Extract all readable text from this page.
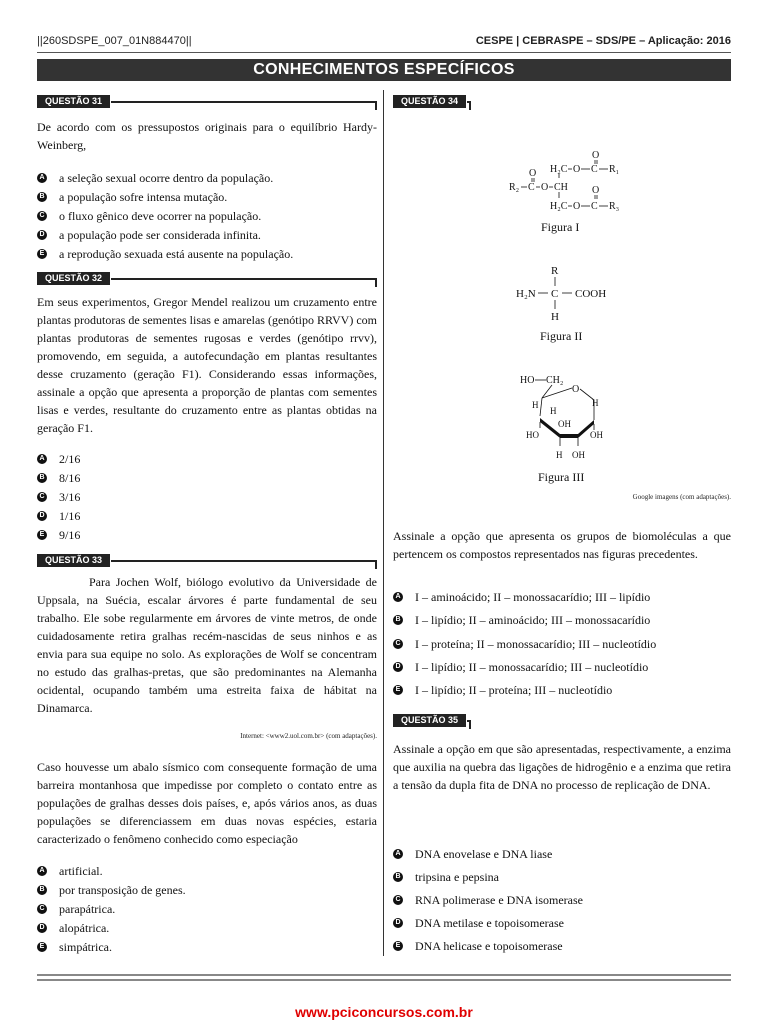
||260SDSPE_007_01N884470||	CESPE | CEBRASPE – SDS/PE – Aplicação: 2016
CONHECIMENTOS ESPECÍFICOS
QUESTÃO 31
De acordo com os pressupostos originais para o equilíbrio Hardy-Weinberg,
A a seleção sexual ocorre dentro da população.
B a população sofre intensa mutação.
C o fluxo gênico deve ocorrer na população.
D a população pode ser considerada infinita.
E a reprodução sexuada está ausente na população.
QUESTÃO 32
Em seus experimentos, Gregor Mendel realizou um cruzamento entre plantas produtoras de sementes lisas e amarelas (genótipo RRVV) com plantas produtoras de sementes rugosas e verdes (genótipo rrvv), promovendo, em seguida, a autofecundação em plantas resultantes desse cruzamento (geração F1). Considerando essas informações, assinale a opção que apresenta a proporção de plantas com sementes lisas e verdes, resultante do cruzamento entre as plantas obtidas na geração F1.
A 2/16
B 8/16
C 3/16
D 1/16
E 9/16
QUESTÃO 33
Para Jochen Wolf, biólogo evolutivo da Universidade de Uppsala, na Suécia, escalar árvores é parte fundamental de seu trabalho. Ele sobe regularmente em árvores de vinte metros, de onde cuidadosamente retira gralhas recém-nascidas de seus ninhos e as envia para sua equipe no solo. As explorações de Wolf se concentram no estudo das gralhas-pretas, que são predominantes na Alemanha ocidental, ocupando também uma estreita faixa de hábitat na Dinamarca.
Internet: <www2.uol.com.br> (com adaptações).
Caso houvesse um abalo sísmico com consequente formação de uma barreira montanhosa que impedisse por completo o contato entre as populações de gralhas desses dois países, e, após vários anos, as duas populações se diferenciassem em duas novas espécies, estaria caracterizado o fenômeno conhecido como especiação
A artificial.
B por transposição de genes.
C parapátrica.
D alopátrica.
E simpátrica.
QUESTÃO 34
O
H₂C O C R₁
O
R₂ C O CH O
H₂C O C R₃
Figura I
R
H₂N C COOH
H
Figura II
HO CH₂
O
H
H
H
OH
HO	OH
H OH
Figura III
Google imagens (com adaptações).
Assinale a opção que apresenta os grupos de biomoléculas a que pertencem os compostos representados nas figuras precedentes.
A I – aminoácido; II – monossacarídio; III – lipídio
B I – lipídio; II – aminoácido; III – monossacarídio
C I – proteína; II – monossacarídio; III – nucleotídio
D I – lipídio; II – monossacarídio; III – nucleotídio
E I – lipídio; II – proteína; III – nucleotídio
QUESTÃO 35
Assinale a opção em que são apresentadas, respectivamente, a enzima que auxilia na quebra das ligações de hidrogênio e a enzima que retira a tensão da dupla fita de DNA no processo de replicação de DNA.
A DNA enovelase e DNA liase
B tripsina e pepsina
C RNA polimerase e DNA isomerase
D DNA metilase e topoisomerase
E DNA helicase e topoisomerase
www.pciconcursos.com.br
